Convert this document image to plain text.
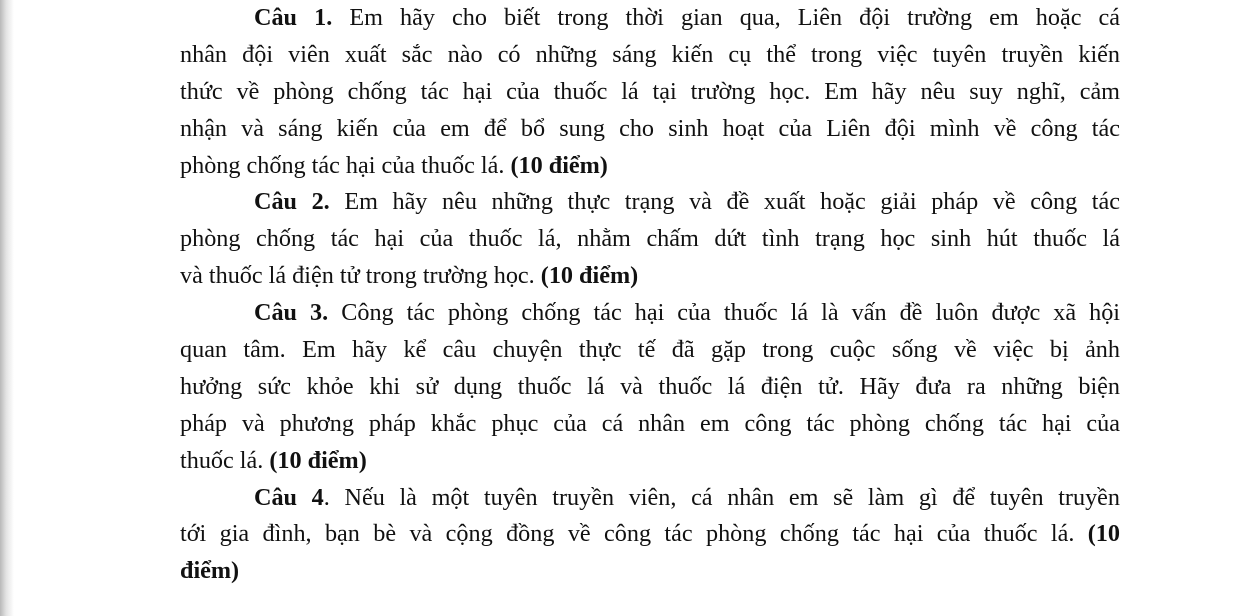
Câu 1. Em hãy cho biết trong thời gian qua, Liên đội trường em hoặc cá
nhân đội viên xuất sắc nào có những sáng kiến cụ thể trong việc tuyên truyền kiến
thức về phòng chống tác hại của thuốc lá tại trường học. Em hãy nêu suy nghĩ, cảm
nhận và sáng kiến của em để bổ sung cho sinh hoạt của Liên đội mình về công tác
phòng chống tác hại của thuốc lá. (10 điểm)
Câu 2. Em hãy nêu những thực trạng và đề xuất hoặc giải pháp về công tác
phòng chống tác hại của thuốc lá, nhằm chấm dứt tình trạng học sinh hút thuốc lá
và thuốc lá điện tử trong trường học. (10 điểm)
Câu 3. Công tác phòng chống tác hại của thuốc lá là vấn đề luôn được xã hội
quan tâm. Em hãy kể câu chuyện thực tế đã gặp trong cuộc sống về việc bị ảnh
hưởng sức khỏe khi sử dụng thuốc lá và thuốc lá điện tử. Hãy đưa ra những biện
pháp và phương pháp khắc phục của cá nhân em công tác phòng chống tác hại của
thuốc lá. (10 điểm)
Câu 4. Nếu là một tuyên truyền viên, cá nhân em sẽ làm gì để tuyên truyền
tới gia đình, bạn bè và cộng đồng về công tác phòng chống tác hại của thuốc lá. (10
điểm)
